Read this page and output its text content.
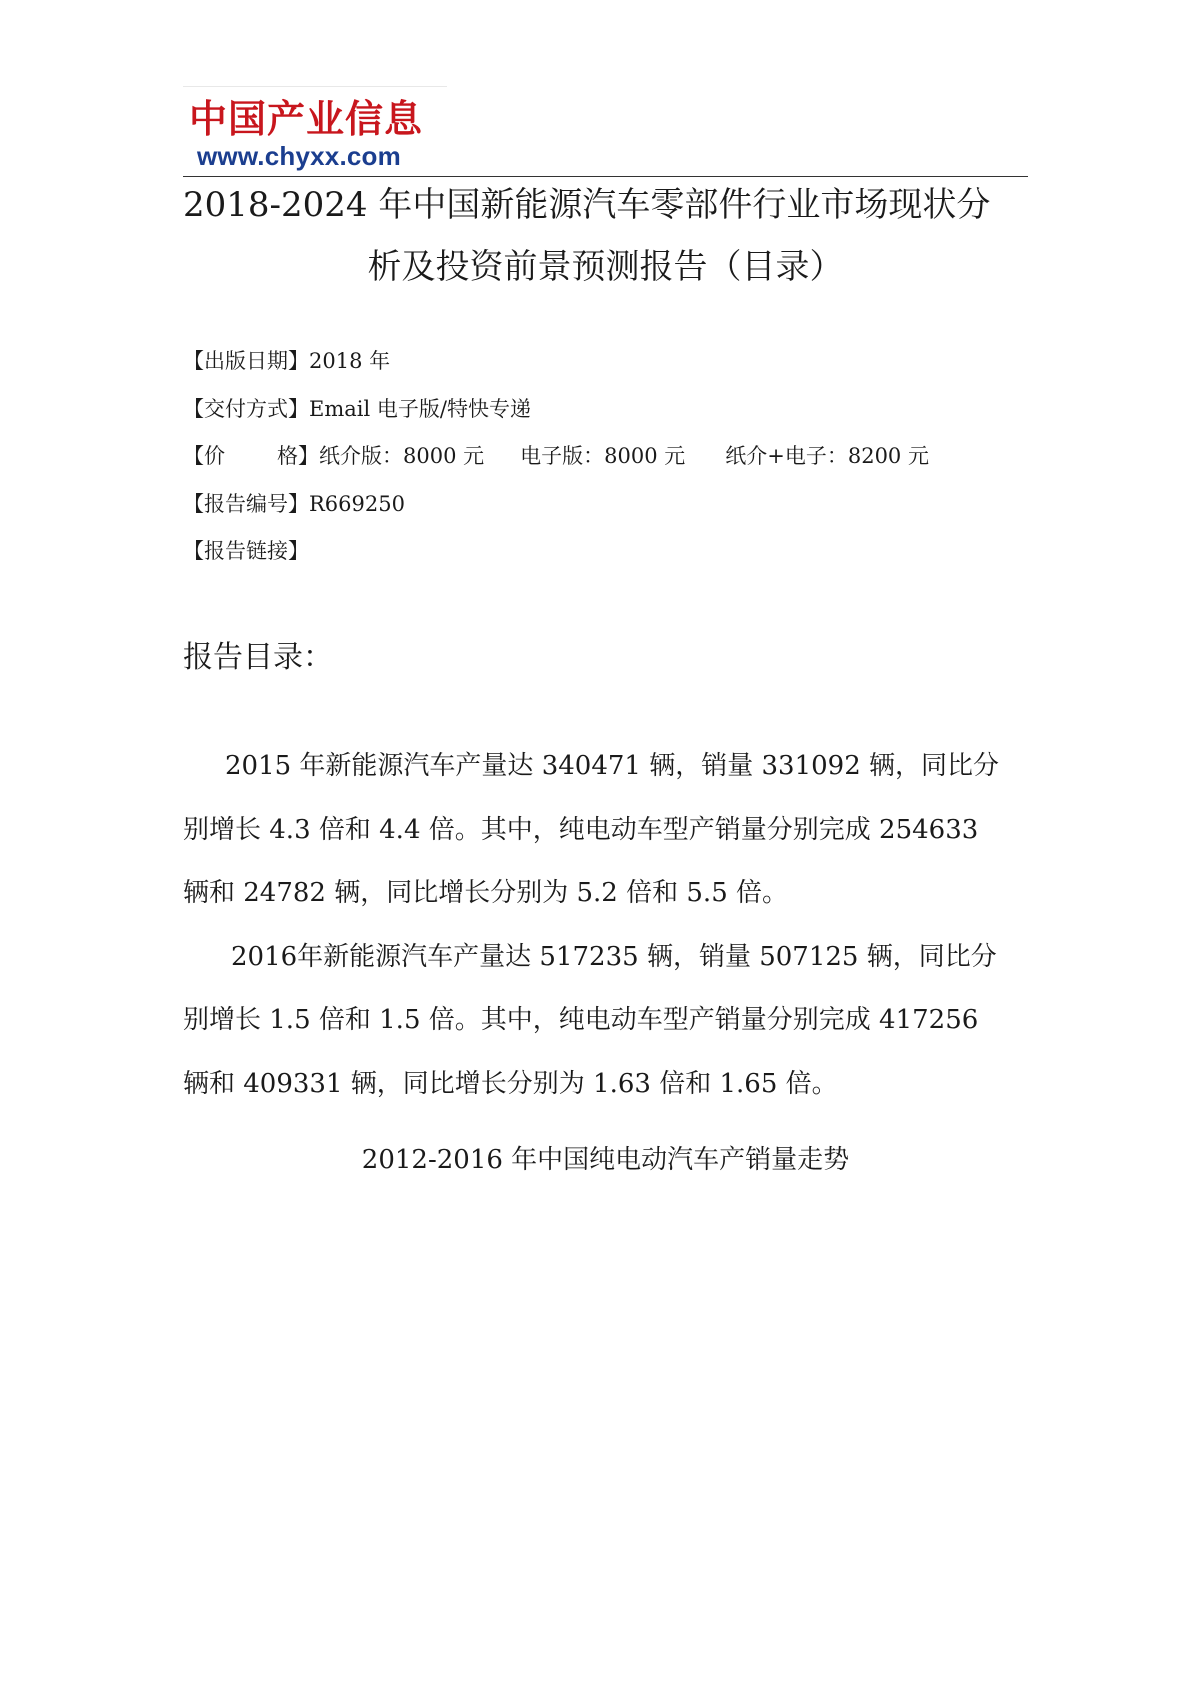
中国产业信息
www.chyxx.com
2018-2024 年中国新能源汽车零部件行业市场现状分
析及投资前景预测报告（目录）
【出版日期】2018 年
【交付方式】Email 电子版/特快专递
【价 格】纸介版：8000 元 电子版：8000 元 纸介+电子：8200 元
【报告编号】R669250
【报告链接】
报告目录：
2015 年新能源汽车产量达 340471 辆，销量 331092 辆，同比分
别增长 4.3 倍和 4.4 倍。其中，纯电动车型产销量分别完成 254633
辆和 24782 辆，同比增长分别为 5.2 倍和 5.5 倍。
2016年新能源汽车产量达 517235 辆，销量 507125 辆，同比分
别增长 1.5 倍和 1.5 倍。其中，纯电动车型产销量分别完成 417256
辆和 409331 辆，同比增长分别为 1.63 倍和 1.65 倍。
2012-2016 年中国纯电动汽车产销量走势
